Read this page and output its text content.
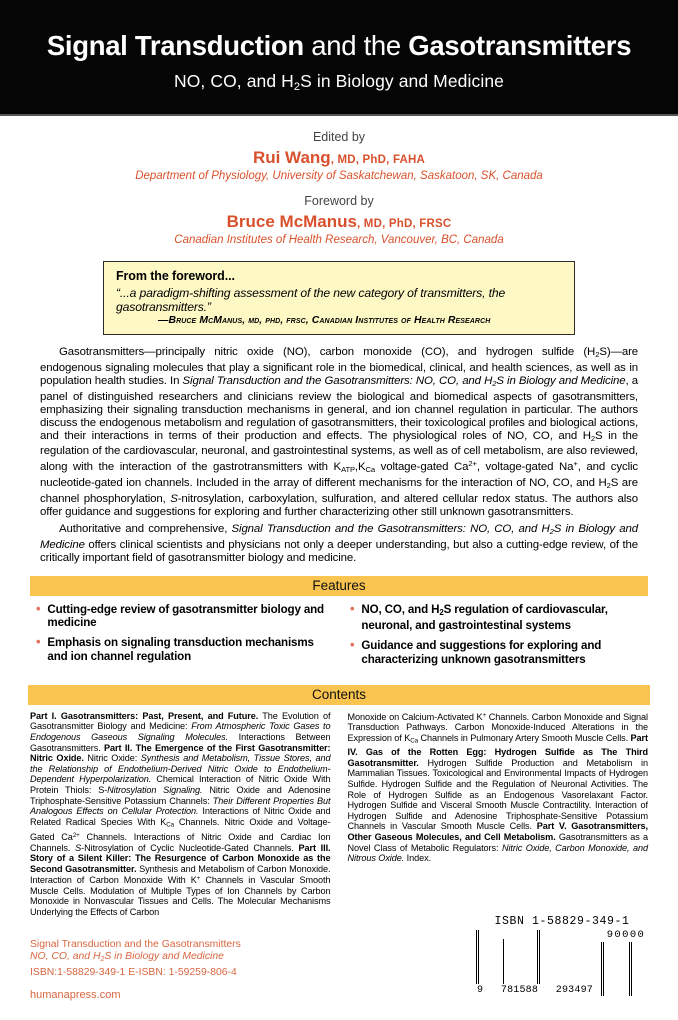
Signal Transduction and the Gasotransmitters
NO, CO, and $H_2S$ in Biology and Medicine
Edited by
Rui Wang, MD, PhD, FAHA
Department of Physiology, University of Saskatchewan, Saskatoon, SK, Canada
Foreword by
Bruce McManus, MD, PhD, FRSC
Canadian Institutes of Health Research, Vancouver, BC, Canada
From the foreword...
“...a paradigm-shifting assessment of the new category of transmitters, the gasotransmitters.”
—Bruce McManus, md, phd, frsc, Canadian Institutes of Health Research

Gasotransmitters—principally nitric oxide (NO), carbon monoxide (CO), and hydrogen sulfide $(H_2S)—are$ endogenous signaling molecules that play a significant role in the biomedical, clinical, and health sciences, as well as in population health studies. In Signal Transduction and the Gasotransmitters: NO, CO, and $H_2S$ in Biology and Medicine, a panel of distinguished researchers and clinicians review the biological and biomedical aspects of gasotransmitters, emphasizing their signaling transduction mechanisms in general, and ion channel regulation in particular. The authors discuss the endogenous metabolism and regulation of gasotransmitters, their toxicological profiles and biological actions, and their interactions in terms of their production and effects. The physiological roles of NO, CO, and $H_2S$ in the regulation of the cardiovascular, neuronal, and gastrointestinal systems, as well as of cell metabolism, are also reviewed, along with the interaction of the gastrotransmitters with $K_{ATP},K_{Ca}$ voltage-gated $Ca^{2+}$, voltage-gated Na+, and cyclic nucleotide-gated ion channels. Included in the array of different mechanisms for the interaction of NO, CO, and $H_2S$ are channel phosphorylation, S-nitrosylation, carboxylation, sulfuration, and altered cellular redox status. The authors also offer guidance and suggestions for exploring and further characterizing other still unknown gasotransmitters.

Authoritative and comprehensive, Signal Transduction and the Gasotransmitters: NO, CO, and $H_2S$ in Biology and Medicine offers clinical scientists and physicians not only a deeper understanding, but also a cutting-edge review, of the critically important field of gasotransmitter biology and medicine.

Features
• Cutting-edge review of gasotransmitter biology and medicine
• Emphasis on signaling transduction mechanisms and ion channel regulation
• NO, CO, and $H_2S$ regulation of cardiovascular, neuronal, and gastrointestinal systems
• Guidance and suggestions for exploring and characterizing unknown gasotransmitters
Contents
Part I. Gasotransmitters: Past, Present, and Future. The Evolution of Gasotransmitter Biology and Medicine: From Atmospheric Toxic Gases to Endogenous Gaseous Signaling Molecules. Interactions Between Gasotransmitters. Part II. The Emergence of the First Gasotransmitter: Nitric Oxide. Nitric Oxide: Synthesis and Metabolism, Tissue Stores, and the Relationship of Endothelium-Derived Nitric Oxide to Endothelium-Dependent Hyperpolarization. Chemical Interaction of Nitric Oxide With Protein Thiols: S-Nitrosylation Signaling. Nitric Oxide and Adenosine Triphosphate-Sensitive Potassium Channels: Their Different Properties But Analogous Effects on Cellular Protection. Interactions of Nitric Oxide and Related Radical Species With $K_{Ca}$ Channels. Nitric Oxide and Voltage-Gated $Ca^{2+}$ Channels. Interactions of Nitric Oxide and Cardiac Ion Channels. S-Nitrosylation of Cyclic Nucleotide-Gated Channels. Part III. Story of a Silent Killer: The Resurgence of Carbon Monoxide as the Second Gasotransmitter. Synthesis and Metabolism of Carbon Monoxide. Interaction of Carbon Monoxide With K+ Channels in Vascular Smooth Muscle Cells. Modulation of Multiple Types of Ion Channels by Carbon Monoxide in Nonvascular Tissues and Cells. The Molecular Mechanisms Underlying the Effects of Carbon
Monoxide on Calcium-Activated K+ Channels. Carbon Monoxide and Signal Transduction Pathways. Carbon Monoxide-Induced Alterations in the Expression of $K_{Ca}$ Channels in Pulmonary Artery Smooth Muscle Cells. Part IV. Gas of the Rotten Egg: Hydrogen Sulfide as The Third Gasotransmitter. Hydrogen Sulfide Production and Metabolism in Mammalian Tissues. Toxicological and Environmental Impacts of Hydrogen Sulfide. Hydrogen Sulfide and the Regulation of Neuronal Activities. The Role of Hydrogen Sulfide as an Endogenous Vasorelaxant Factor. Hydrogen Sulfide and Visceral Smooth Muscle Contractility. Interaction of Hydrogen Sulfide and Adenosine Triphosphate-Sensitive Potassium Channels in Vascular Smooth Muscle Cells. Part V. Gasotransmitters, Other Gaseous Molecules, and Cell Metabolism. Gasotransmitters as a Novel Class of Metabolic Regulators: Nitric Oxide, Carbon Monoxide, and Nitrous Oxide. Index.
Signal Transduction and the Gasotransmitters
NO, CO, and $H_2S$ in Biology and Medicine
ISBN:1-58829-349-1 E-ISBN: 1-59259-806-4
humanapress.com
ISBN 1-58829-349-1
9 781588 293497
90000
